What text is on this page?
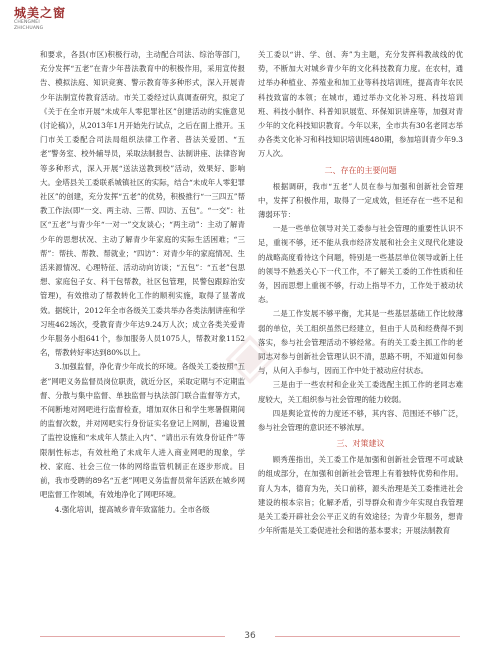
城美之窗
CHENGMEI ZHICHUANG
◈

和要求，各县(市区)积极行动，主动配合司法、综治等部门，充分发挥“五老”在青少年普法教育中的积极作用，采用宣传报告、模拟法庭、知识竞赛、警示教育等多种形式，深入开展青少年法制宣传教育活动。市关工委经过认真调查研究，拟定了《关于在全市开展“未成年人零犯罪社区”创建活动的实施意见(讨论稿)》，从2013年1月开始先行试点，之后在面上推开。玉门市关工委配合司法局组织法律工作者、普法关爱团、“五老”警务室、校外辅导员，采取法制报告、法制讲座、法律咨询等多种形式，深入开展“送法送教到校”活动，效果好、影响大。金塔县关工委联系城镇社区的实际，结合“未成年人零犯罪社区”的创建，充分发挥“五老”的优势，积极推行“一三四五”帮教工作法(即“一交、两主动、三帮、四访、五包”。“一交”：社区“五老”与青少年“一对一”交友谈心；“两主动”：主动了解青少年的思想状况、主动了解青少年家庭的实际生活困难；“三帮”：帮扶、帮教、帮就业；“四访”：对青少年的家庭情况、生活来源情况、心理特征、活动动向访谈；“五包”：“五老”包思想、家庭包子女、科干包帮教，社区包管理，民警包跟踪治安管理)，有效推动了帮教转化工作的顺利实施，取得了显著成效。据统计，2012年全市各级关工委共举办各类法制讲座和学习班462场次，受教育青少年达9.24万人次；成立各类关爱青少年服务小组641个，参加服务人员1075人，帮教对象1152名，帮教转好率达到80%以上。

3.加强监督，净化青少年成长的环境。各级关工委按照“五老”网吧义务监督员岗位职责，就近分区，采取定期与不定期监督、分散与集中监督、单独监督与执法部门联合监督等方式，不间断地对网吧进行监督检查，增加双休日和学生寒暑假期间的监督次数，并对网吧实行身份证实名登记上网制，普遍设置了监控设施和“未成年人禁止入内”、“请出示有效身份证件”等限制性标志，有效杜绝了未成年人进入商业网吧的现象，学校、家庭、社会三位一体的网络监管机制正在逐步形成。目前，我市受聘的89名“五老”网吧义务监督员常年活跃在城乡网吧监督工作领域，有效地净化了网吧环境。

4.强化培训，提高城乡青年致富能力。全市各级

关工委以“讲、学、创、奔”为主题，充分发挥科教战线的优势，不断加大对城乡青少年的文化科技教育力度。在农村，通过举办种植业、养殖业和加工业等科技培训班，提高青年农民科技致富的本领；在城市，通过举办文化补习班、科技培训班、科技小制作、科普知识展览、环保知识讲座等，加强对青少年的文化科技知识教育。今年以来，全市共有30名老同志举办各类文化补习和科技知识培训班480期，参加培训青少年9.3万人次。

二、存在的主要问题

根据调研，我市“五老”人员在参与加强和创新社会管理中，发挥了积极作用，取得了一定成效，但还存在一些不足和薄弱环节：

一是一些单位领导对关工委参与社会管理的重要性认识不足，重视不够，还不能从我市经济发展和社会主义现代化建设的战略高度看待这个问题，特别是一些基层单位领导或新上任的领导不熟悉关心下一代工作，不了解关工委的工作性质和任务，因而思想上重视不够，行动上指导不力，工作处于被动状态。

二是工作发展不够平衡，尤其是一些基层基础工作比较薄弱的单位，关工组织虽然已经建立，但由于人员和经费得不到落实，参与社会管理活动不够经常。有的关工委主抓工作的老同志对参与创新社会管理认识不清，思路不明，不知道如何参与，从何入手参与，因而工作中处于被动应付状态。

三是由于一些农村和企业关工委选配主抓工作的老同志难度较大，关工组织参与社会管理的能力较弱。

四是舆论宣传的力度还不够，其内容、范围还不够广泛，参与社会管理的意识还不够浓厚。

三、对策建议

顾秀莲指出，关工委工作是加强和创新社会管理不可或缺的组成部分，在加强和创新社会管理上有着独特优势和作用。育人为本，德育为先，关口前移，源头治理是关工委推进社会建设的根本宗旨；化解矛盾，引导群众和青少年实现自我管理是关工委开辟社会公平正义的有效途径；为青少年服务，想青少年所需是关工委促进社会和谐的基本要求；开展法制教育

36
